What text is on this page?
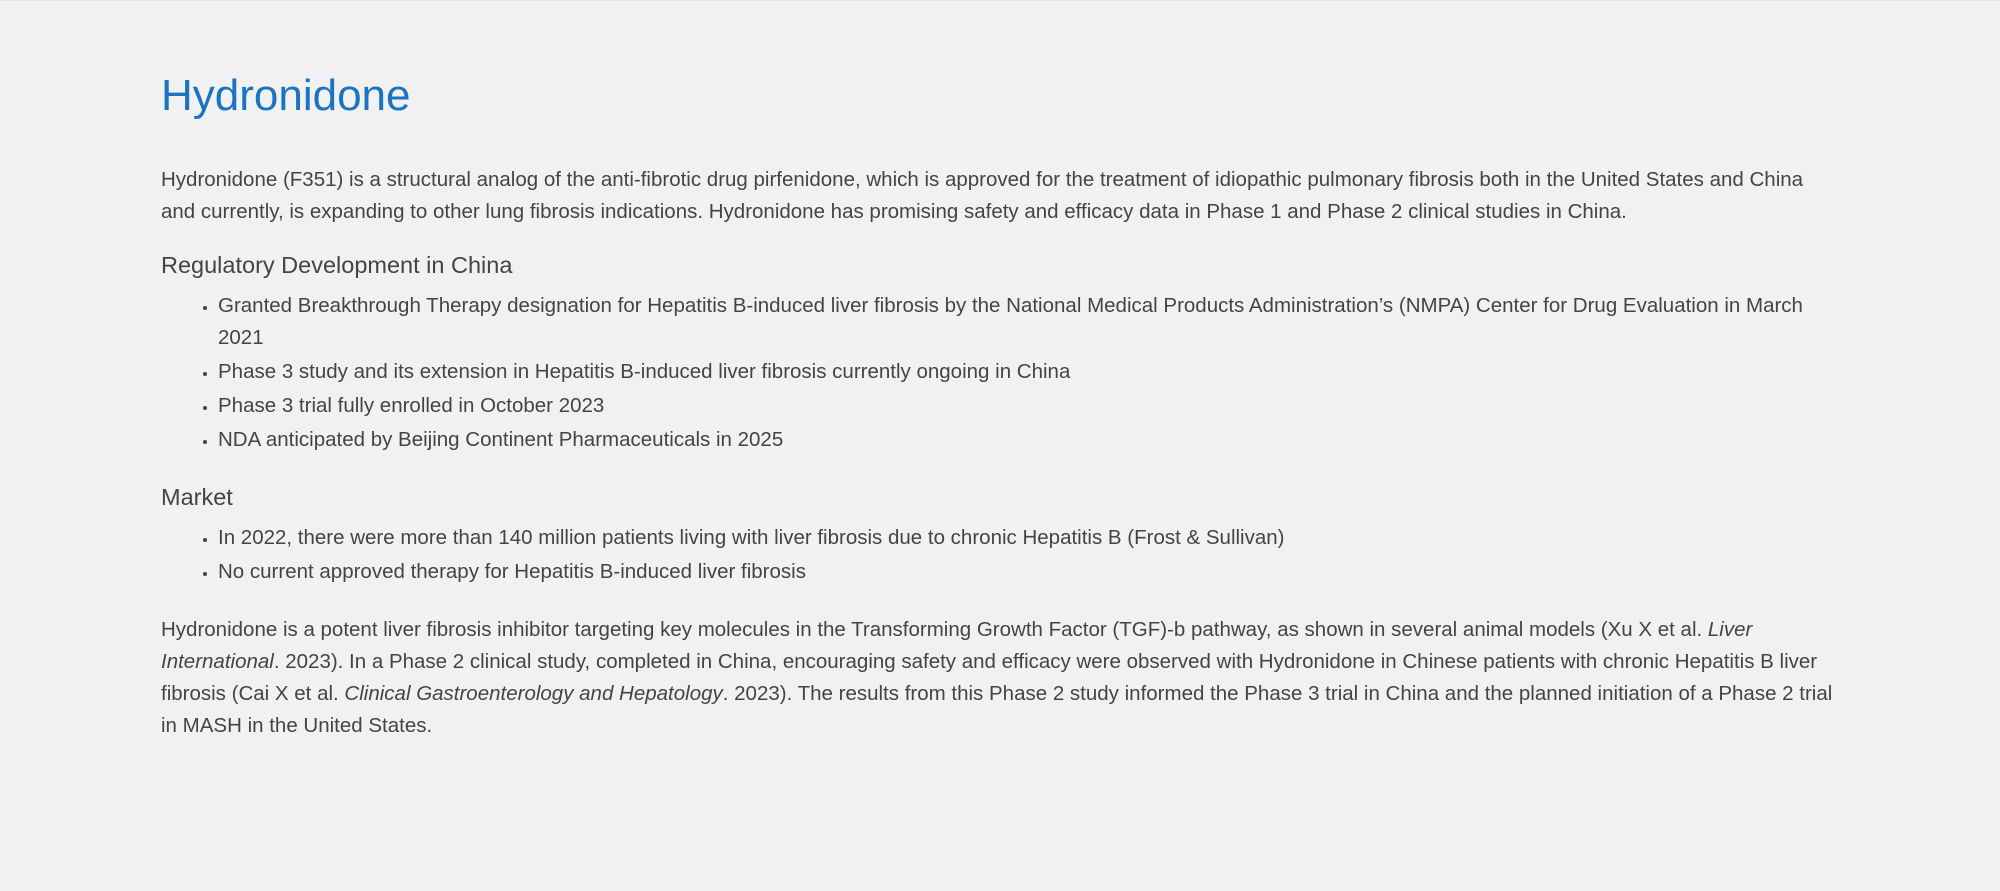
Hydronidone

Hydronidone (F351) is a structural analog of the anti-fibrotic drug pirfenidone, which is approved for the treatment of idiopathic pulmonary fibrosis both in the United States and China and currently, is expanding to other lung fibrosis indications. Hydronidone has promising safety and efficacy data in Phase 1 and Phase 2 clinical studies in China.

Regulatory Development in China
• Granted Breakthrough Therapy designation for Hepatitis B-induced liver fibrosis by the National Medical Products Administration’s (NMPA) Center for Drug Evaluation in March 2021
• Phase 3 study and its extension in Hepatitis B-induced liver fibrosis currently ongoing in China
• Phase 3 trial fully enrolled in October 2023
• NDA anticipated by Beijing Continent Pharmaceuticals in 2025
Market
• In 2022, there were more than 140 million patients living with liver fibrosis due to chronic Hepatitis B (Frost & Sullivan)
• No current approved therapy for Hepatitis B-induced liver fibrosis

Hydronidone is a potent liver fibrosis inhibitor targeting key molecules in the Transforming Growth Factor (TGF)-b pathway, as shown in several animal models (Xu X et al. Liver International. 2023). In a Phase 2 clinical study, completed in China, encouraging safety and efficacy were observed with Hydronidone in Chinese patients with chronic Hepatitis B liver fibrosis (Cai X et al. Clinical Gastroenterology and Hepatology. 2023). The results from this Phase 2 study informed the Phase 3 trial in China and the planned initiation of a Phase 2 trial in MASH in the United States.
